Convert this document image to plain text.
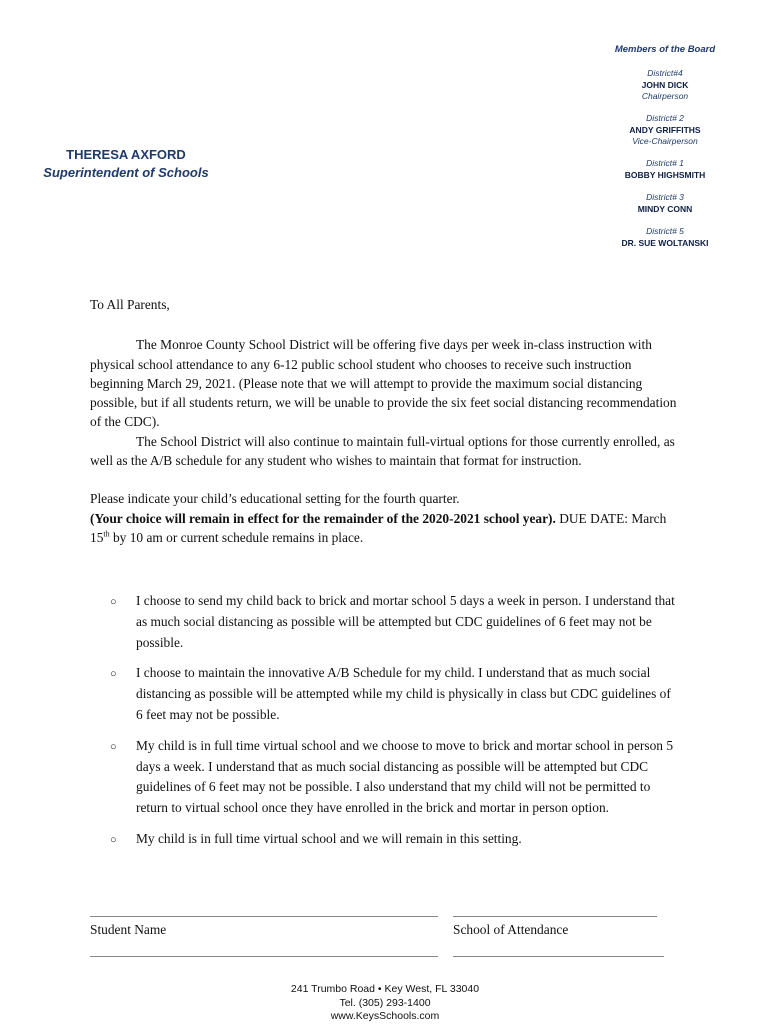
Members of the Board
District#4
JOHN DICK
Chairperson
District# 2
ANDY GRIFFITHS
Vice-Chairperson
District# 1
BOBBY HIGHSMITH
District# 3
MINDY CONN
District# 5
DR. SUE WOLTANSKI
THERESA AXFORD
Superintendent of Schools

To All Parents,

The Monroe County School District will be offering five days per week in-class instruction with physical school attendance to any 6-12 public school student who chooses to receive such instruction beginning March 29, 2021. (Please note that we will attempt to provide the maximum social distancing possible, but if all students return, we will be unable to provide the six feet social distancing recommendation of the CDC).

The School District will also continue to maintain full-virtual options for those currently enrolled, as well as the A/B schedule for any student who wishes to maintain that format for instruction.

Please indicate your child’s educational setting for the fourth quarter.

(Your choice will remain in effect for the remainder of the 2020-2021 school year). DUE DATE: March 15th by 10 am or current schedule remains in place.

○	I choose to send my child back to brick and mortar school 5 days a week in person. I understand that as much social distancing as possible will be attempted but CDC guidelines of 6 feet may not be possible.
○	I choose to maintain the innovative A/B Schedule for my child. I understand that as much social distancing as possible will be attempted while my child is physically in class but CDC guidelines of 6 feet may not be possible.
○	My child is in full time virtual school and we choose to move to brick and mortar school in person 5 days a week. I understand that as much social distancing as possible will be attempted but CDC guidelines of 6 feet may not be possible. I also understand that my child will not be permitted to return to virtual school once they have enrolled in the brick and mortar in person option.
○	My child is in full time virtual school and we will remain in this setting.
Student Name	School of Attendance
241 Trumbo Road • Key West, FL 33040
Tel. (305) 293-1400
www.KeysSchools.com
